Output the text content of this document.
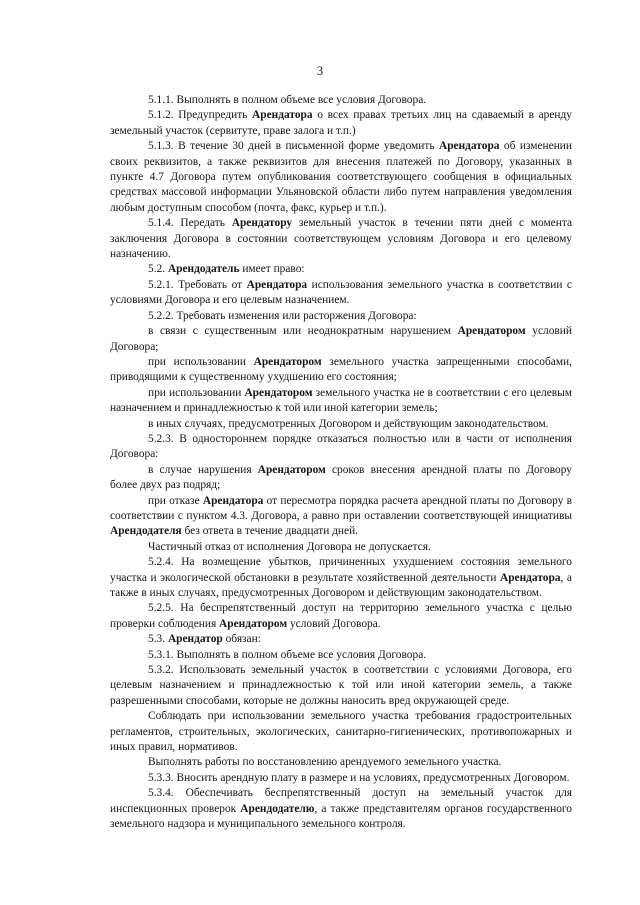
3

5.1.1. Выполнять в полном объеме все условия Договора.

5.1.2. Предупредить Арендатора о всех правах третьих лиц на сдаваемый в аренду земельный участок (сервитуте, праве залога и т.п.)

5.1.3. В течение 30 дней в письменной форме уведомить Арендатора об изменении своих реквизитов, а также реквизитов для внесения платежей по Договору, указанных в пункте 4.7 Договора путем опубликования соответствующего сообщения в официальных средствах массовой информации Ульяновской области либо путем направления уведомления любым доступным способом (почта, факс, курьер и т.п.).

5.1.4. Передать Арендатору земельный участок в течении пяти дней с момента заключения Договора в состоянии соответствующем условиям Договора и его целевому назначению.

5.2. Арендодатель имеет право:

5.2.1. Требовать от Арендатора использования земельного участка в соответствии с условиями Договора и его целевым назначением.

5.2.2. Требовать изменения или расторжения Договора:

в связи с существенным или неоднократным нарушением Арендатором условий Договора;

при использовании Арендатором земельного участка запрещенными способами, приводящими к существенному ухудшению его состояния;

при использовании Арендатором земельного участка не в соответствии с его целевым назначением и принадлежностью к той или иной категории земель;

в иных случаях, предусмотренных Договором и действующим законодательством.

5.2.3. В одностороннем порядке отказаться полностью или в части от исполнения Договора:

в случае нарушения Арендатором сроков внесения арендной платы по Договору более двух раз подряд;

при отказе Арендатора от пересмотра порядка расчета арендной платы по Договору в соответствии с пунктом 4.3. Договора, а равно при оставлении соответствующей инициативы Арендодателя без ответа в течение двадцати дней.

Частичный отказ от исполнения Договора не допускается.

5.2.4. На возмещение убытков, причиненных ухудшением состояния земельного участка и экологической обстановки в результате хозяйственной деятельности Арендатора, а также в иных случаях, предусмотренных Договором и действующим законодательством.

5.2.5. На беспрепятственный доступ на территорию земельного участка с целью проверки соблюдения Арендатором условий Договора.

5.3. Арендатор обязан:

5.3.1. Выполнять в полном объеме все условия Договора.

5.3.2. Использовать земельный участок в соответствии с условиями Договора, его целевым назначением и принадлежностью к той или иной категории земель, а также разрешенными способами, которые не должны наносить вред окружающей среде.

Соблюдать при использовании земельного участка требования градостроительных регламентов, строительных, экологических, санитарно-гигиенических, противопожарных и иных правил, нормативов.

Выполнять работы по восстановлению арендуемого земельного участка.

5.3.3. Вносить арендную плату в размере и на условиях, предусмотренных Договором.

5.3.4. Обеспечивать беспрепятственный доступ на земельный участок для инспекционных проверок Арендодателю, а также представителям органов государственного земельного надзора и муниципального земельного контроля.
